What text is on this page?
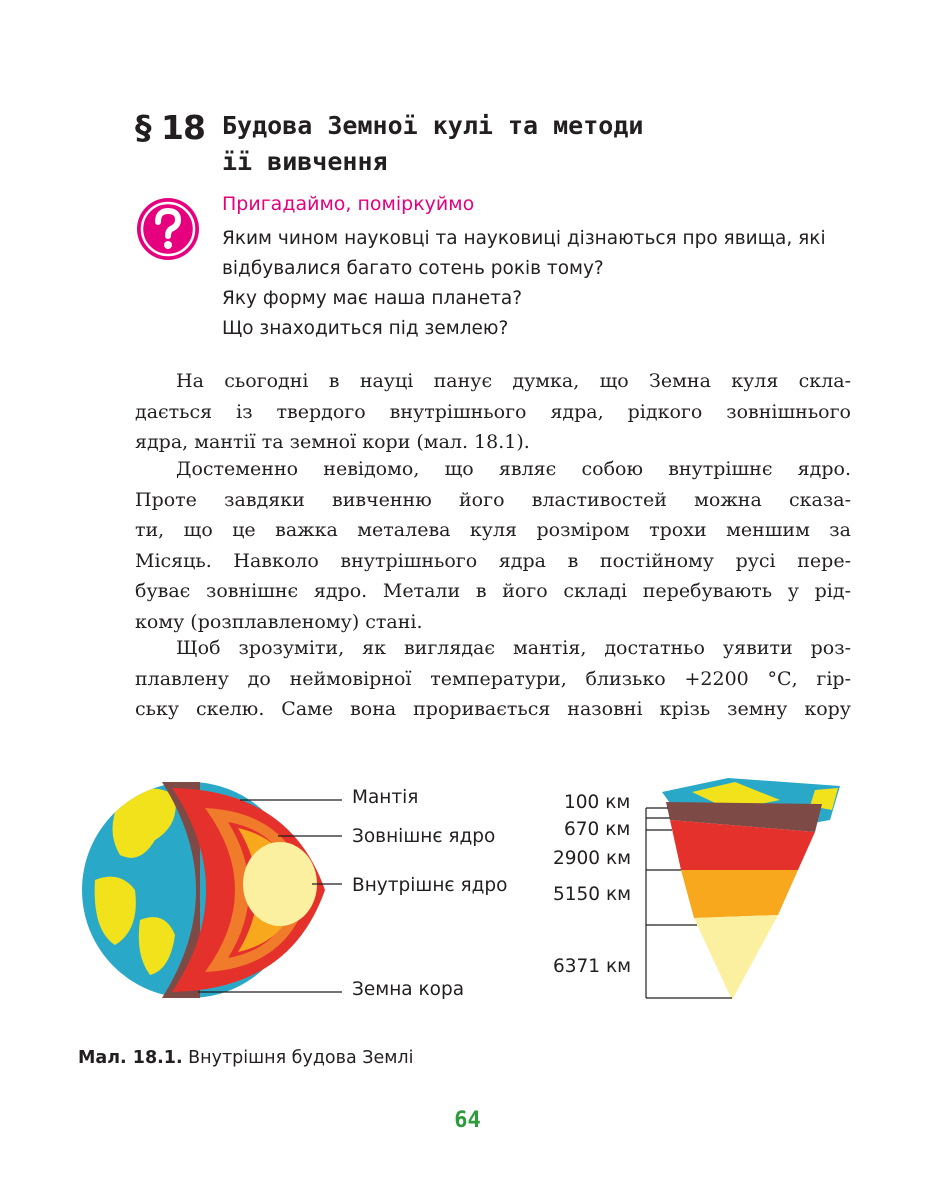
§ 18 Будова Земної кулі та методи
її вивчення
Пригадаймо, поміркуймо
Яким чином науковці та науковиці дізнаються про явища, які
відбувалися багато сотень років тому?
Яку форму має наша планета?
Що знаходиться під землею?
На сьогодні в науці панує думка, що Земна куля скла-
дається із твердого внутрішнього ядра, рідкого зовнішнього
ядра, мантії та земної кори (мал. 18.1).
Достеменно невідомо, що являє собою внутрішнє ядро.
Проте завдяки вивченню його властивостей можна сказа-
ти, що це важка металева куля розміром трохи меншим за
Місяць. Навколо внутрішнього ядра в постійному русі пере-
буває зовнішнє ядро. Метали в його складі перебувають у рід-
кому (розплавленому) стані.
Щоб зрозуміти, як виглядає мантія, достатньо уявити роз-
плавлену до неймовірної температури, близько +2200 °С, гір-
ську скелю. Саме вона проривається назовні крізь земну кору
Мантія
Зовнішнє ядро
Внутрішнє ядро
Земна кора
100 км
670 км
2900 км
5150 км
6371 км
Мал. 18.1. Внутрішня будова Землі
64
